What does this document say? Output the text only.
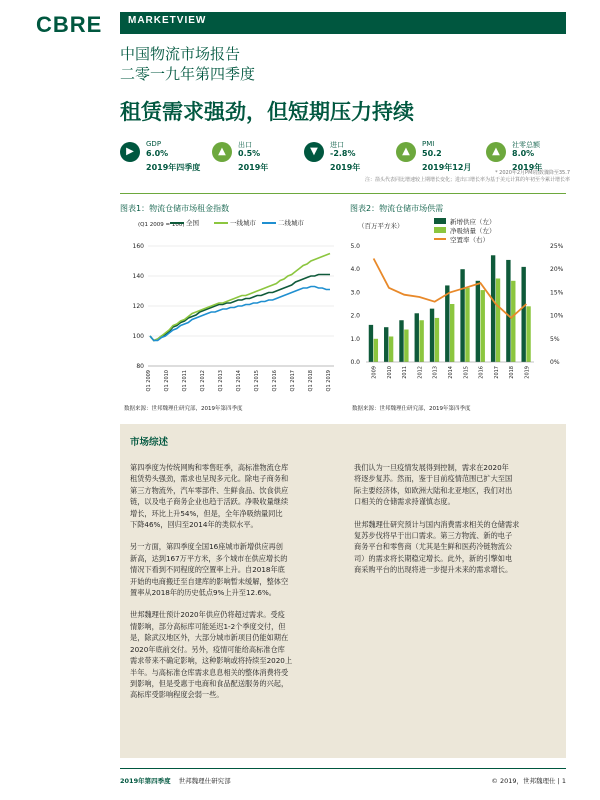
CBRE	MARKETVIEW
中国物流市场报告
二零一九年第四季度
租赁需求强劲，但短期压力持续
▶
GDP
6.0%
2019年四季度
▲
出口
0.5%
2019年
▼
进口
-2.8%
2019年
▲
PMI
50.2
2019年12月
▲
社零总额
8.0%
2019年
* 2020年2月PMI指数骤降至35.7
注：箭头代表同比增速较上期增长变化；进出口增长率为基于美元计算的年初至今累计增长率
图表1：物流仓储市场租金指数
(Q1 2009 = 100) 全国	一线城市	二线城市
80
100
120
140
160
Q1 2009 Q1 2010 Q1 2011 Q1 2012 Q1 2013 Q1 2014 Q1 2015 Q1 2016 Q1 2017 Q1 2018 Q1 2019
数据来源：世邦魏理仕研究部，2019年第四季度
图表2：物流仓储市场供需
（百万平方米）	新增供应（左）
净吸纳量（左）
空置率（右）
0.0
1.0
2.0
3.0
4.0
5.0
0%
5%
10%
15%
20%
25%
2009 2010 2011 2012 2013 2014 2015 2016 2017 2018 2019
数据来源：世邦魏理仕研究部，2019年第四季度
市场综述
第四季度为传统网购和零售旺季，高标准物流仓库
租赁势头强劲，需求也呈现多元化。除电子商务和
第三方物流外，汽车零部件、生鲜食品、饮食供应
链，以及电子商务企业也趋于活跃。净吸收量继续
增长，环比上升54%，但是，全年净吸纳量同比
下降46%，回归至2014年的类似水平。
另一方面，第四季度全国16座城市新增供应再创
新高，达到167万平方米，多个城市在供应增长的
情况下看到不同程度的空置率上升。自2018年底
开始的电商搬迁至自建库的影响暂未缓解，整体空
置率从2018年的历史低点9%上升至12.6%。
世邦魏理仕预计2020年供应仍将超过需求。受疫
情影响，部分高标库可能延迟1-2个季度交付，但
是，除武汉地区外，大部分城市新项目仍能如期在
2020年底前交付。另外，疫情可能给高标准仓库
需求带来不确定影响，这种影响或将持续至2020上
半年。与高标准仓库需求息息相关的整体消费将受
到影响，但是受惠于电商和食品配送服务的兴起，
高标库受影响程度会弱一些。
我们认为一旦疫情发展得到控制，需求在2020年
将逐步复苏。然而，鉴于目前疫情范围已扩大至国
际主要经济体，如欧洲大陆和北亚地区，我们对出
口相关的仓储需求持谨慎态度。
世邦魏理仕研究预计与国内消费需求相关的仓储需求
复苏步伐将早于出口需求。第三方物流、新的电子
商务平台和零售商（尤其是生鲜和医药冷链物流公
司）的需求将长期稳定增长。此外，新的引擎如电
商采购平台的出现将进一步提升未来的需求增长。
2019年第四季度 世邦魏理仕研究部	© 2019，世邦魏理仕 | 1
